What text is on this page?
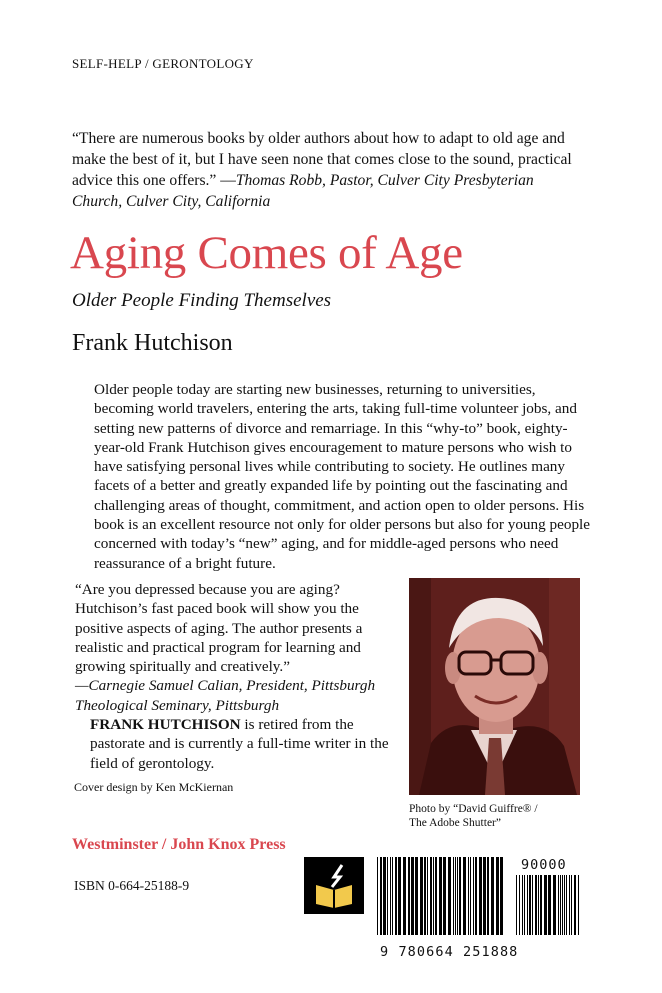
SELF-HELP / GERONTOLOGY
“There are numerous books by older authors about how to adapt to old age and make the best of it, but I have seen none that comes close to the sound, practical advice this one offers.” —Thomas Robb, Pastor, Culver City Presbyterian Church, Culver City, California
Aging Comes of Age
Older People Finding Themselves
Frank Hutchison
Older people today are starting new businesses, returning to universities, becoming world travelers, entering the arts, taking full-time volunteer jobs, and setting new patterns of divorce and remarriage. In this “why-to” book, eighty-year-old Frank Hutchison gives encouragement to mature persons who wish to have satisfying personal lives while contributing to society. He outlines many facets of a better and greatly expanded life by pointing out the fascinating and challenging areas of thought, commitment, and action open to older persons. His book is an excellent resource not only for older persons but also for young people concerned with today’s “new” aging, and for middle-aged persons who need reassurance of a bright future.
“Are you depressed because you are aging? Hutchison’s fast paced book will show you the positive aspects of aging. The author presents a realistic and practical program for learning and growing spiritually and creatively.”
—Carnegie Samuel Calian, President, Pittsburgh Theological Seminary, Pittsburgh
FRANK HUTCHISON is retired from the pastorate and is currently a full-time writer in the field of gerontology.
Cover design by Ken McKiernan
Photo by “David Guiffre® /
The Adobe Shutter”
Westminster / John Knox Press
ISBN 0-664-25188-9
9 780664 251888
90000
